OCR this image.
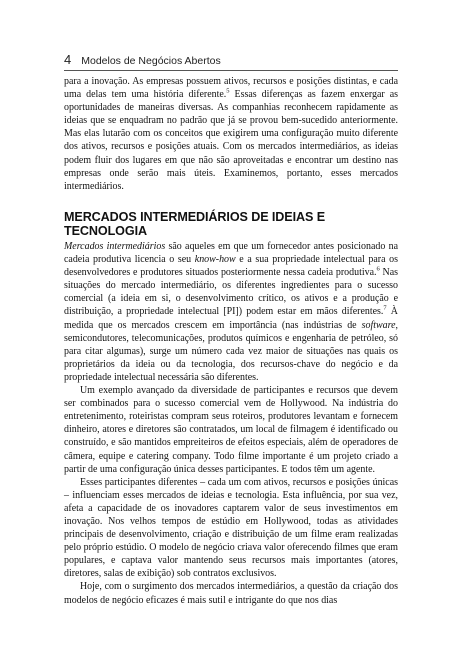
4 Modelos de Negócios Abertos

para a inovação. As empresas possuem ativos, recursos e posições distintas, e cada uma delas tem uma história diferente.$^5$ Essas diferenças as fazem enxergar as oportunidades de maneiras diversas. As companhias reconhecem rapidamente as ideias que se enquadram no padrão que já se provou bem-sucedido anteriormente. Mas elas lutarão com os conceitos que exigirem uma configuração muito diferente dos ativos, recursos e posições atuais. Com os mercados intermediários, as ideias podem fluir dos lugares em que não são aproveitadas e encontrar um destino nas empresas onde serão mais úteis. Examinemos, portanto, esses mercados intermediários.

MERCADOS INTERMEDIÁRIOS DE IDEIAS E TECNOLOGIA

Mercados intermediários são aqueles em que um fornecedor antes posicionado na cadeia produtiva licencia o seu know-how e a sua propriedade intelectual para os desenvolvedores e produtores situados posteriormente nessa cadeia produtiva.$^6$ Nas situações do mercado intermediário, os diferentes ingredientes para o sucesso comercial (a ideia em si, o desenvolvimento crítico, os ativos e a produção e distribuição, a propriedade intelectual [PI]) podem estar em mãos diferentes.$^7$ À medida que os mercados crescem em importância (nas indústrias de software, semicondutores, telecomunicações, produtos químicos e engenharia de petróleo, só para citar algumas), surge um número cada vez maior de situações nas quais os proprietários da ideia ou da tecnologia, dos recursos-chave do negócio e da propriedade intelectual necessária são diferentes.

Um exemplo avançado da diversidade de participantes e recursos que devem ser combinados para o sucesso comercial vem de Hollywood. Na indústria do entretenimento, roteiristas compram seus roteiros, produtores levantam e fornecem dinheiro, atores e diretores são contratados, um local de filmagem é identificado ou construído, e são mantidos empreiteiros de efeitos especiais, além de operadores de câmera, equipe e catering company. Todo filme importante é um projeto criado a partir de uma configuração única desses participantes. E todos têm um agente.

Esses participantes diferentes – cada um com ativos, recursos e posições únicas – influenciam esses mercados de ideias e tecnologia. Esta influência, por sua vez, afeta a capacidade de os inovadores captarem valor de seus investimentos em inovação. Nos velhos tempos de estúdio em Hollywood, todas as atividades principais de desenvolvimento, criação e distribuição de um filme eram realizadas pelo próprio estúdio. O modelo de negócio criava valor oferecendo filmes que eram populares, e captava valor mantendo seus recursos mais importantes (atores, diretores, salas de exibição) sob contratos exclusivos.

Hoje, com o surgimento dos mercados intermediários, a questão da criação dos modelos de negócio eficazes é mais sutil e intrigante do que nos dias
